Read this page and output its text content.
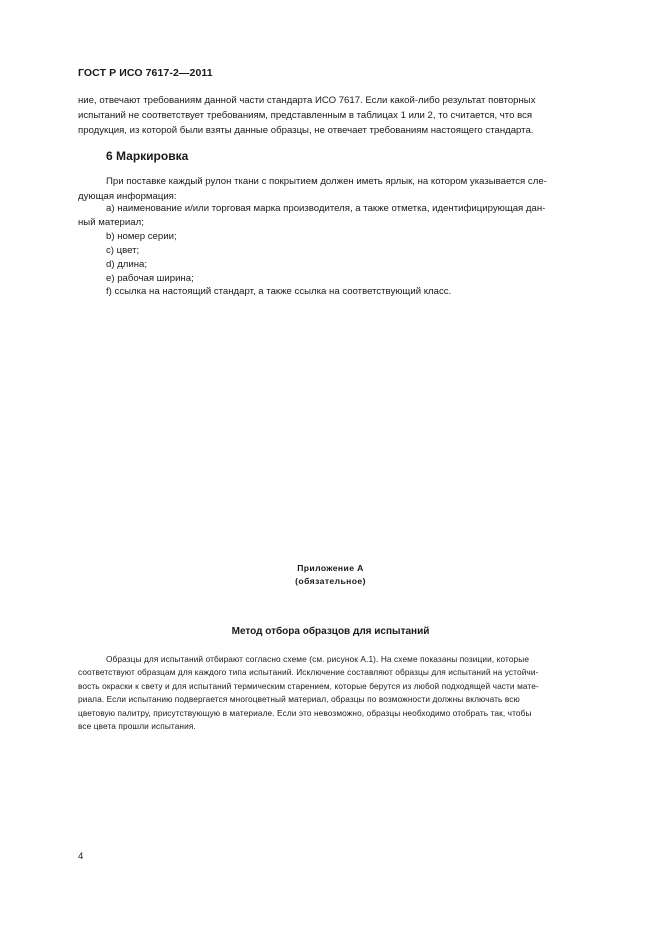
ГОСТ Р ИСО 7617-2—2011

ние, отвечают требованиям данной части стандарта ИСО 7617. Если какой-либо результат повторных

испытаний не соответствует требованиям, представленным в таблицах 1 или 2, то считается, что вся

продукция, из которой были взяты данные образцы, не отвечает требованиям настоящего стандарта.

6 Маркировка

При поставке каждый рулон ткани с покрытием должен иметь ярлык, на котором указывается сле-

дующая информация:

a) наименование и/или торговая марка производителя, а также отметка, идентифицирующая дан-
ный материал;
b) номер серии;
c) цвет;
d) длина;
e) рабочая ширина;
f) ссылка на настоящий стандарт, а также ссылка на соответствующий класс.
Приложение А
(обязательное)
Метод отбора образцов для испытаний

Образцы для испытаний отбирают согласно схеме (см. рисунок А.1). На схеме показаны позиции, которые

соответствуют образцам для каждого типа испытаний. Исключение составляют образцы для испытаний на устойчи-

вость окраски к свету и для испытаний термическим старением, которые берутся из любой подходящей части мате-

риала. Если испытанию подвергается многоцветный материал, образцы по возможности должны включать всю

цветовую палитру, присутствующую в материале. Если это невозможно, образцы необходимо отобрать так, чтобы

все цвета прошли испытания.

4
